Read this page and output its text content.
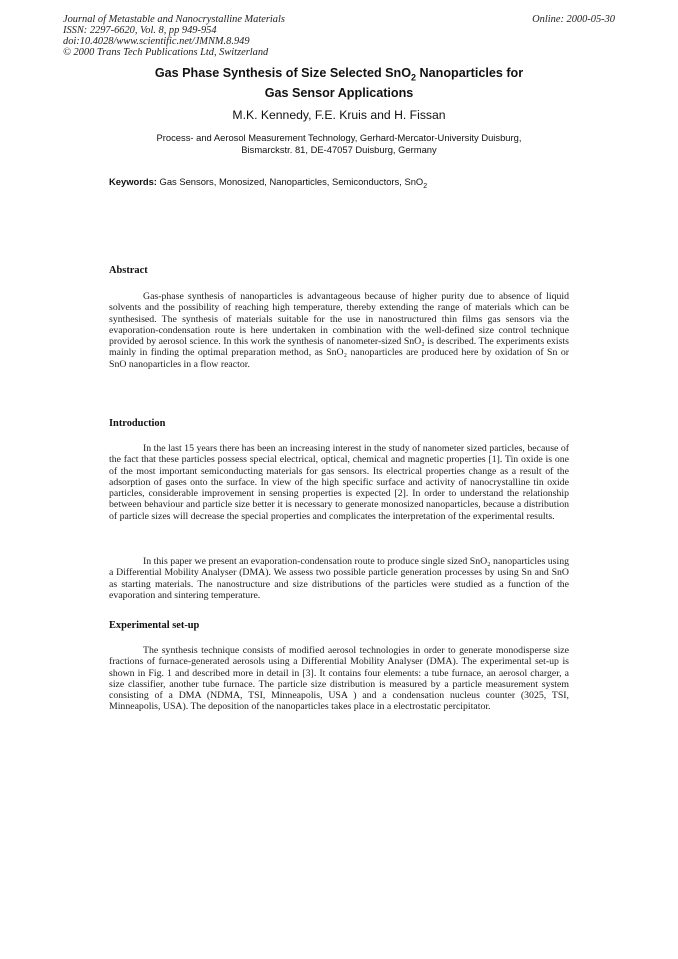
Journal of Metastable and Nanocrystalline Materials
ISSN: 2297-6620, Vol. 8, pp 949-954
doi:10.4028/www.scientific.net/JMNM.8.949
© 2000 Trans Tech Publications Ltd, Switzerland
Online: 2000-05-30
Gas Phase Synthesis of Size Selected SnO$_2$ Nanoparticles for
Gas Sensor Applications
M.K. Kennedy, F.E. Kruis and H. Fissan
Process- and Aerosol Measurement Technology, Gerhard-Mercator-University Duisburg,
Bismarckstr. 81, DE-47057 Duisburg, Germany
Keywords: Gas Sensors, Monosized, Nanoparticles, Semiconductors, SnO$_2$
Abstract
Gas-phase synthesis of nanoparticles is advantageous because of higher purity due to absence of liquid solvents and the possibility of reaching high temperature, thereby extending the range of materials which can be synthesised. The synthesis of materials suitable for the use in nanostructured thin films gas sensors via the evaporation-condensation route is here undertaken in combination with the well-defined size control technique provided by aerosol science. In this work the synthesis of nanometer-sized SnO₂ is described. The experiments exists mainly in finding the optimal preparation method, as SnO₂ nanoparticles are produced here by oxidation of Sn or SnO nanoparticles in a flow reactor.
Introduction
In the last 15 years there has been an increasing interest in the study of nanometer sized particles, because of the fact that these particles possess special electrical, optical, chemical and magnetic properties [1]. Tin oxide is one of the most important semiconducting materials for gas sensors. Its electrical properties change as a result of the adsorption of gases onto the surface. In view of the high specific surface and activity of nanocrystalline tin oxide particles, considerable improvement in sensing properties is expected [2]. In order to understand the relationship between behaviour and particle size better it is necessary to generate monosized nanoparticles, because a distribution of particle sizes will decrease the special properties and complicates the interpretation of the experimental results.
In this paper we present an evaporation-condensation route to produce single sized SnO₂ nanoparticles using a Differential Mobility Analyser (DMA). We assess two possible particle generation processes by using Sn and SnO as starting materials. The nanostructure and size distributions of the particles were studied as a function of the evaporation and sintering temperature.
Experimental set-up
The synthesis technique consists of modified aerosol technologies in order to generate monodisperse size fractions of furnace-generated aerosols using a Differential Mobility Analyser (DMA). The experimental set-up is shown in Fig. 1 and described more in detail in [3]. It contains four elements: a tube furnace, an aerosol charger, a size classifier, another tube furnace. The particle size distribution is measured by a particle measurement system consisting of a DMA (NDMA, TSI, Minneapolis, USA ) and a condensation nucleus counter (3025, TSI, Minneapolis, USA). The deposition of the nanoparticles takes place in a electrostatic percipitator.
